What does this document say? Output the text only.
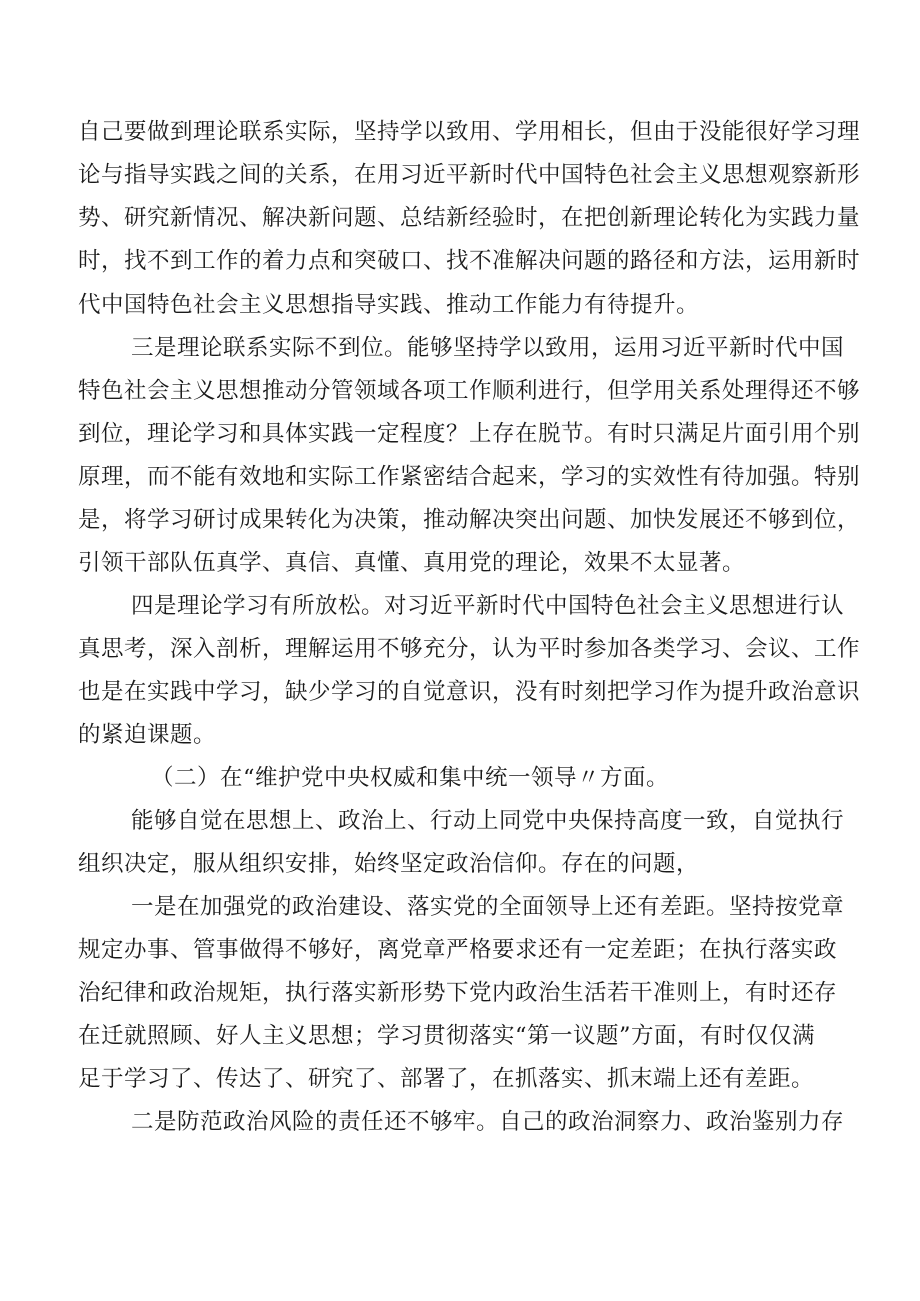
自己要做到理论联系实际，坚持学以致用、学用相长，但由于没能很好学习理
论与指导实践之间的关系，在用习近平新时代中国特色社会主义思想观察新形
势、研究新情况、解决新问题、总结新经验时，在把创新理论转化为实践力量
时，找不到工作的着力点和突破口、找不准解决问题的路径和方法，运用新时
代中国特色社会主义思想指导实践、推动工作能力有待提升。
三是理论联系实际不到位。能够坚持学以致用，运用习近平新时代中国
特色社会主义思想推动分管领域各项工作顺利进行，但学用关系处理得还不够
到位，理论学习和具体实践一定程度？上存在脱节。有时只满足片面引用个别
原理，而不能有效地和实际工作紧密结合起来，学习的实效性有待加强。特别
是，将学习研讨成果转化为决策，推动解决突出问题、加快发展还不够到位，
引领干部队伍真学、真信、真懂、真用党的理论，效果不太显著。
四是理论学习有所放松。对习近平新时代中国特色社会主义思想进行认
真思考，深入剖析，理解运用不够充分，认为平时参加各类学习、会议、工作
也是在实践中学习，缺少学习的自觉意识，没有时刻把学习作为提升政治意识
的紧迫课题。
（二）在“维护党中央权威和集中统一领导〃方面。
能够自觉在思想上、政治上、行动上同党中央保持高度一致，自觉执行
组织决定，服从组织安排，始终坚定政治信仰。存在的问题，
一是在加强党的政治建设、落实党的全面领导上还有差距。坚持按党章
规定办事、管事做得不够好，离党章严格要求还有一定差距；在执行落实政
治纪律和政治规矩，执行落实新形势下党内政治生活若干准则上，有时还存
在迁就照顾、好人主义思想；学习贯彻落实“第一议题”方面，有时仅仅满
足于学习了、传达了、研究了、部署了，在抓落实、抓末端上还有差距。
二是防范政治风险的责任还不够牢。自己的政治洞察力、政治鉴别力存
